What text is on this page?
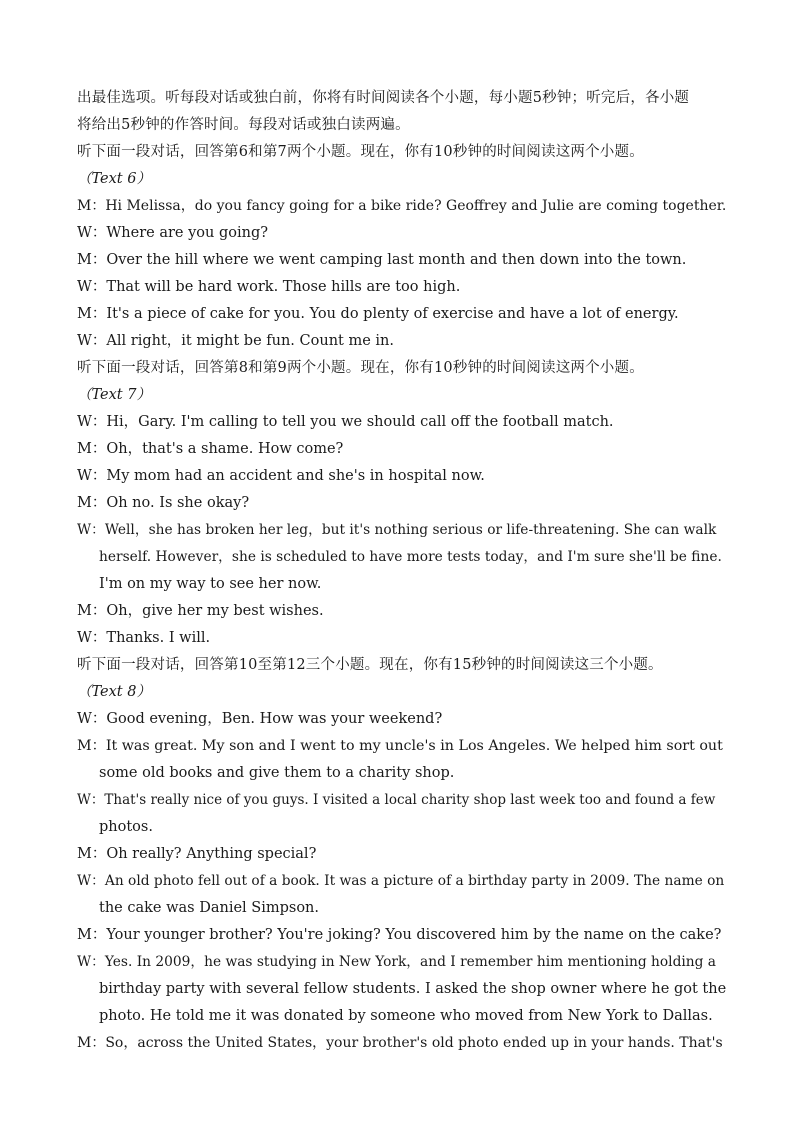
出最佳选项。听每段对话或独白前，你将有时间阅读各个小题，每小题5秒钟；听完后，各小题
将给出5秒钟的作答时间。每段对话或独白读两遍。
听下面一段对话，回答第6和第7两个小题。现在，你有10秒钟的时间阅读这两个小题。
（Text 6）
M：Hi Melissa，do you fancy going for a bike ride? Geoffrey and Julie are coming together.
W：Where are you going?
M：Over the hill where we went camping last month and then down into the town.
W：That will be hard work. Those hills are too high.
M：It's a piece of cake for you. You do plenty of exercise and have a lot of energy.
W：All right，it might be fun. Count me in.
听下面一段对话，回答第8和第9两个小题。现在，你有10秒钟的时间阅读这两个小题。
（Text 7）
W：Hi，Gary. I'm calling to tell you we should call off the football match.
M：Oh，that's a shame. How come?
W：My mom had an accident and she's in hospital now.
M：Oh no. Is she okay?
W：Well，she has broken her leg，but it's nothing serious or life-threatening. She can walk
herself. However，she is scheduled to have more tests today，and I'm sure she'll be fine.
I'm on my way to see her now.
M：Oh，give her my best wishes.
W：Thanks. I will.
听下面一段对话，回答第10至第12三个小题。现在，你有15秒钟的时间阅读这三个小题。
（Text 8）
W：Good evening，Ben. How was your weekend?
M：It was great. My son and I went to my uncle's in Los Angeles. We helped him sort out
some old books and give them to a charity shop.
W：That's really nice of you guys. I visited a local charity shop last week too and found a few
photos.
M：Oh really? Anything special?
W：An old photo fell out of a book. It was a picture of a birthday party in 2009. The name on
the cake was Daniel Simpson.
M：Your younger brother? You're joking? You discovered him by the name on the cake?
W：Yes. In 2009，he was studying in New York，and I remember him mentioning holding a
birthday party with several fellow students. I asked the shop owner where he got the
photo. He told me it was donated by someone who moved from New York to Dallas.
M：So，across the United States，your brother's old photo ended up in your hands. That's
